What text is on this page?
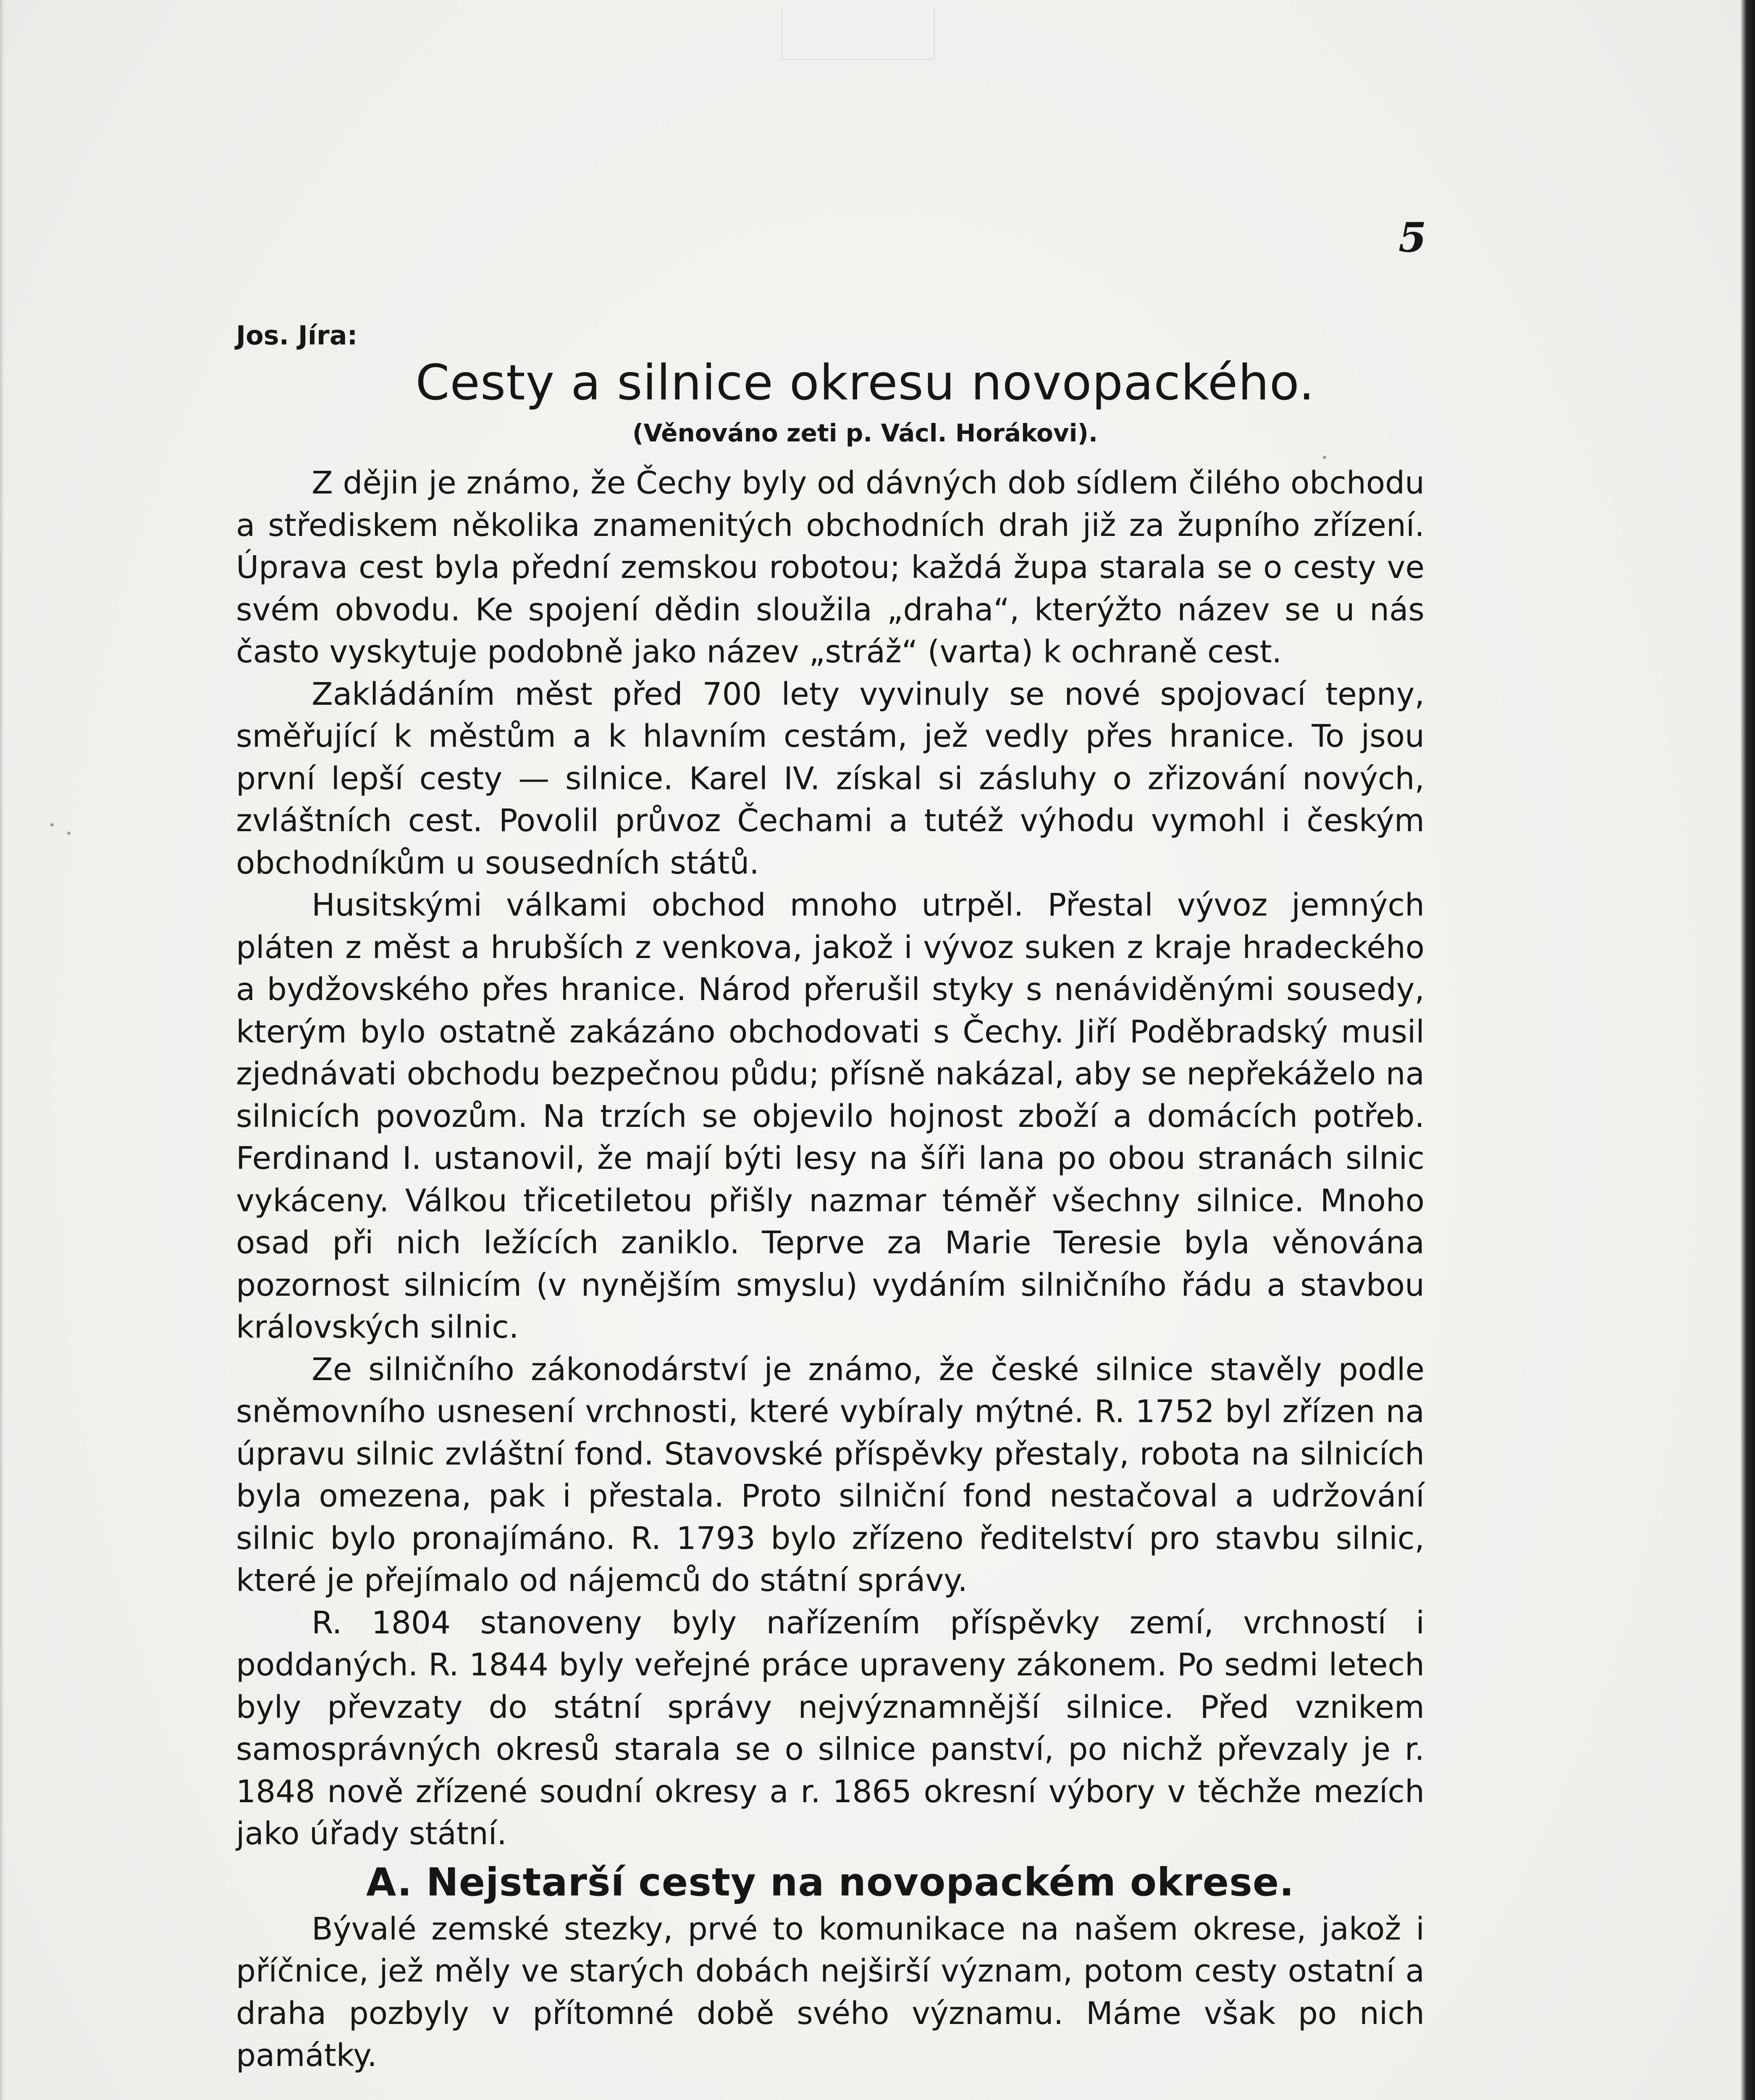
5
Jos. Jíra:
Cesty a silnice okresu novopackého.
(Věnováno zeti p. Václ. Horákovi).

Z dějin je známo, že Čechy byly od dávných dob sídlem čilého obchodu a střediskem několika znamenitých obchodních drah již za župního zřízení. Úprava cest byla přední zemskou robotou; každá župa starala se o cesty ve svém obvodu. Ke spojení dědin sloužila „draha“, kterýžto název se u nás často vyskytuje podobně jako název „stráž“ (varta) k ochraně cest.

Zakládáním měst před 700 lety vyvinuly se nové spojovací tepny, směřující k městům a k hlavním cestám, jež vedly přes hranice. To jsou první lepší cesty — silnice. Karel IV. získal si zásluhy o zřizování nových, zvláštních cest. Povolil průvoz Čechami a tutéž výhodu vymohl i českým obchodníkům u sousedních států.

Husitskými válkami obchod mnoho utrpěl. Přestal vývoz jemných pláten z měst a hrubších z venkova, jakož i vývoz suken z kraje hradeckého a bydžovského přes hranice. Národ přerušil styky s nenáviděnými sousedy, kterým bylo ostatně zakázáno obchodovati s Čechy. Jiří Poděbradský musil zjednávati obchodu bezpečnou půdu; přísně nakázal, aby se nepřekáželo na silnicích povozům. Na trzích se objevilo hojnost zboží a domácích potřeb. Ferdinand I. ustanovil, že mají býti lesy na šíři lana po obou stranách silnic vykáceny. Válkou třicetiletou přišly nazmar téměř všechny silnice. Mnoho osad při nich ležících zaniklo. Teprve za Marie Teresie byla věnována pozornost silnicím (v nynějším smyslu) vydáním silničního řádu a stavbou královských silnic.

Ze silničního zákonodárství je známo, že české silnice stavěly podle sněmovního usnesení vrchnosti, které vybíraly mýtné. R. 1752 byl zřízen na úpravu silnic zvláštní fond. Stavovské příspěvky přestaly, robota na silnicích byla omezena, pak i přestala. Proto silniční fond nestačoval a udržování silnic bylo pronajímáno. R. 1793 bylo zřízeno ředitelství pro stavbu silnic, které je přejímalo od nájemců do státní správy.

R. 1804 stanoveny byly nařízením příspěvky zemí, vrchností i poddaných. R. 1844 byly veřejné práce upraveny zákonem. Po sedmi letech byly převzaty do státní správy nejvýznamnější silnice. Před vznikem samosprávných okresů starala se o silnice panství, po nichž převzaly je r. 1848 nově zřízené soudní okresy a r. 1865 okresní výbory v těchže mezích jako úřady státní.

A. Nejstarší cesty na novopackém okrese.

Bývalé zemské stezky, prvé to komunikace na našem okrese, jakož i příčnice, jež měly ve starých dobách nejširší význam, potom cesty ostatní a draha pozbyly v přítomné době svého významu. Máme však po nich památky.
